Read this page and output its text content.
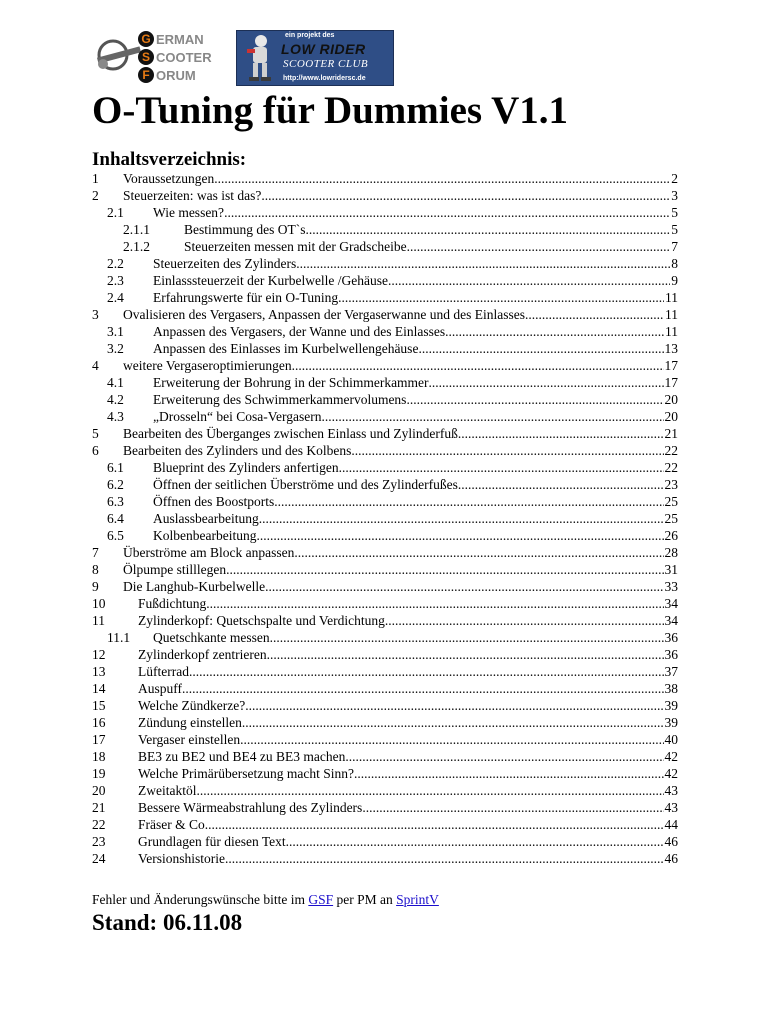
G
S
F
ERMAN
COOTER
ORUM
ein projekt des
LOW RIDER
SCOOTER CLUB
http://www.lowridersc.de
O-Tuning für Dummies V1.1
Inhaltsverzeichnis:
1	Voraussetzungen .....	2
2	Steuerzeiten: was ist das? .....	3
2.1	Wie messen? .....	5
2.1.1	Bestimmung des OT`s .....	5
2.1.2	Steuerzeiten messen mit der Gradscheibe .....	7
2.2	Steuerzeiten des Zylinders .....	8
2.3	Einlasssteuerzeit der Kurbelwelle /Gehäuse .....	9
2.4	Erfahrungswerte für ein O-Tuning .....	11
3	Ovalisieren des Vergasers, Anpassen der Vergaserwanne und des Einlasses .....	11
3.1	Anpassen des Vergasers, der Wanne und des Einlasses .....	11
3.2	Anpassen des Einlasses im Kurbelwellengehäuse .....	13
4	weitere Vergaseroptimierungen .....	17
4.1	Erweiterung der Bohrung in der Schimmerkammer .....	17
4.2	Erweiterung des Schwimmerkammervolumens .....	20
4.3	„Drosseln“ bei Cosa-Vergasern .....	20
5	Bearbeiten des Überganges zwischen Einlass und Zylinderfuß .....	21
6	Bearbeiten des Zylinders und des Kolbens .....	22
6.1	Blueprint des Zylinders anfertigen .....	22
6.2	Öffnen der seitlichen Überströme und des Zylinderfußes .....	23
6.3	Öffnen des Boostports .....	25
6.4	Auslassbearbeitung .....	25
6.5	Kolbenbearbeitung .....	26
7	Überströme am Block anpassen .....	28
8	Ölpumpe stilllegen .....	31
9	Die Langhub-Kurbelwelle .....	33
10	Fußdichtung .....	34
11	Zylinderkopf: Quetschspalte und Verdichtung .....	34
11.1	Quetschkante messen .....	36
12	Zylinderkopf zentrieren .....	36
13	Lüfterrad .....	37
14	Auspuff .....	38
15	Welche Zündkerze? .....	39
16	Zündung einstellen .....	39
17	Vergaser einstellen .....	40
18	BE3 zu BE2 und BE4 zu BE3 machen .....	42
19	Welche Primärübersetzung macht Sinn? .....	42
20	Zweitaktöl .....	43
21	Bessere Wärmeabstrahlung des Zylinders .....	43
22	Fräser & Co .....	44
23	Grundlagen für diesen Text .....	46
24	Versionshistorie .....	46
Fehler und Änderungswünsche bitte im GSF per PM an SprintV
Stand: 06.11.08
